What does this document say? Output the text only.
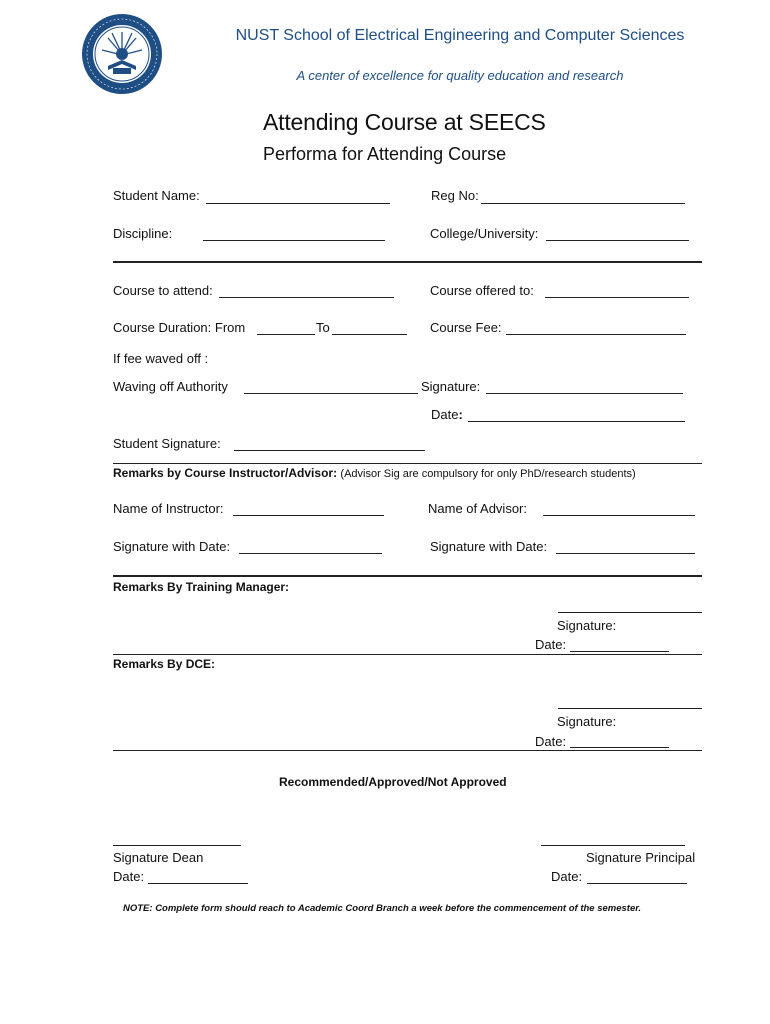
NUST School of Electrical Engineering and Computer Sciences
A center of excellence for quality education and research
Attending Course at SEECS
Performa for Attending Course
Student Name:	Reg No:
Discipline:	College/University:
Course to attend:	Course offered to:
Course Duration: From	To	Course Fee:
If fee waved off :
Waving off Authority	Signature:
Date:
Student Signature:
Remarks by Course Instructor/Advisor: (Advisor Sig are compulsory for only PhD/research students)
Name of Instructor:	Name of Advisor:
Signature with Date:	Signature with Date:
Remarks By Training Manager:
Signature:
Date:
Remarks By DCE:
Signature:
Date:
Recommended/Approved/Not Approved
Signature Dean
Date:
Signature Principal
Date:
NOTE: Complete form should reach to Academic Coord Branch a week before the commencement of the semester.
